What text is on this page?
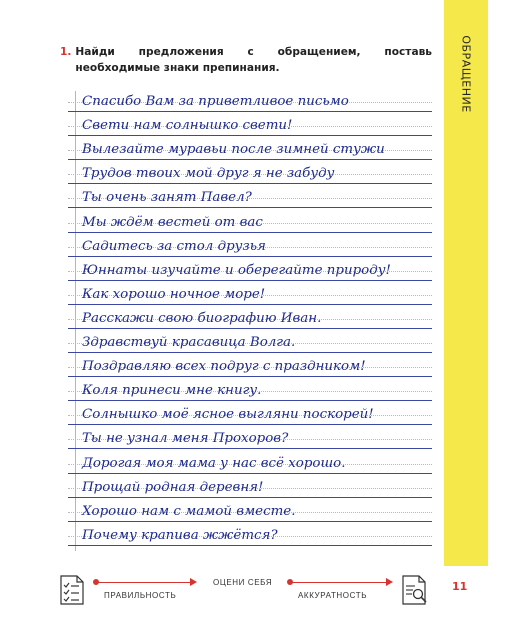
ОБРАЩЕНИЕ
1. Найди предложения с обращением, поставь необходимые знаки препинания.
Спасибо Вам за приветливое письмо
Свети нам солнышко свети!
Вылезайте муравьи после зимней стужи
Трудов твоих мой друг я не забуду
Ты очень занят Павел?
Мы ждём вестей от вас
Садитесь за стол друзья
Юннаты изучайте и оберегайте природу!
Как хорошо ночное море!
Расскажи свою биографию Иван.
Здравствуй красавица Волга.
Поздравляю всех подруг с праздником!
Коля принеси мне книгу.
Солнышко моё ясное выгляни поскорей!
Ты не узнал меня Прохоров?
Дорогая моя мама у нас всё хорошо.
Прощай родная деревня!
Хорошо нам с мамой вместе.
Почему крапива жжётся?
ПРАВИЛЬНОСТЬ
ОЦЕНИ СЕБЯ
АККУРАТНОСТЬ
11
